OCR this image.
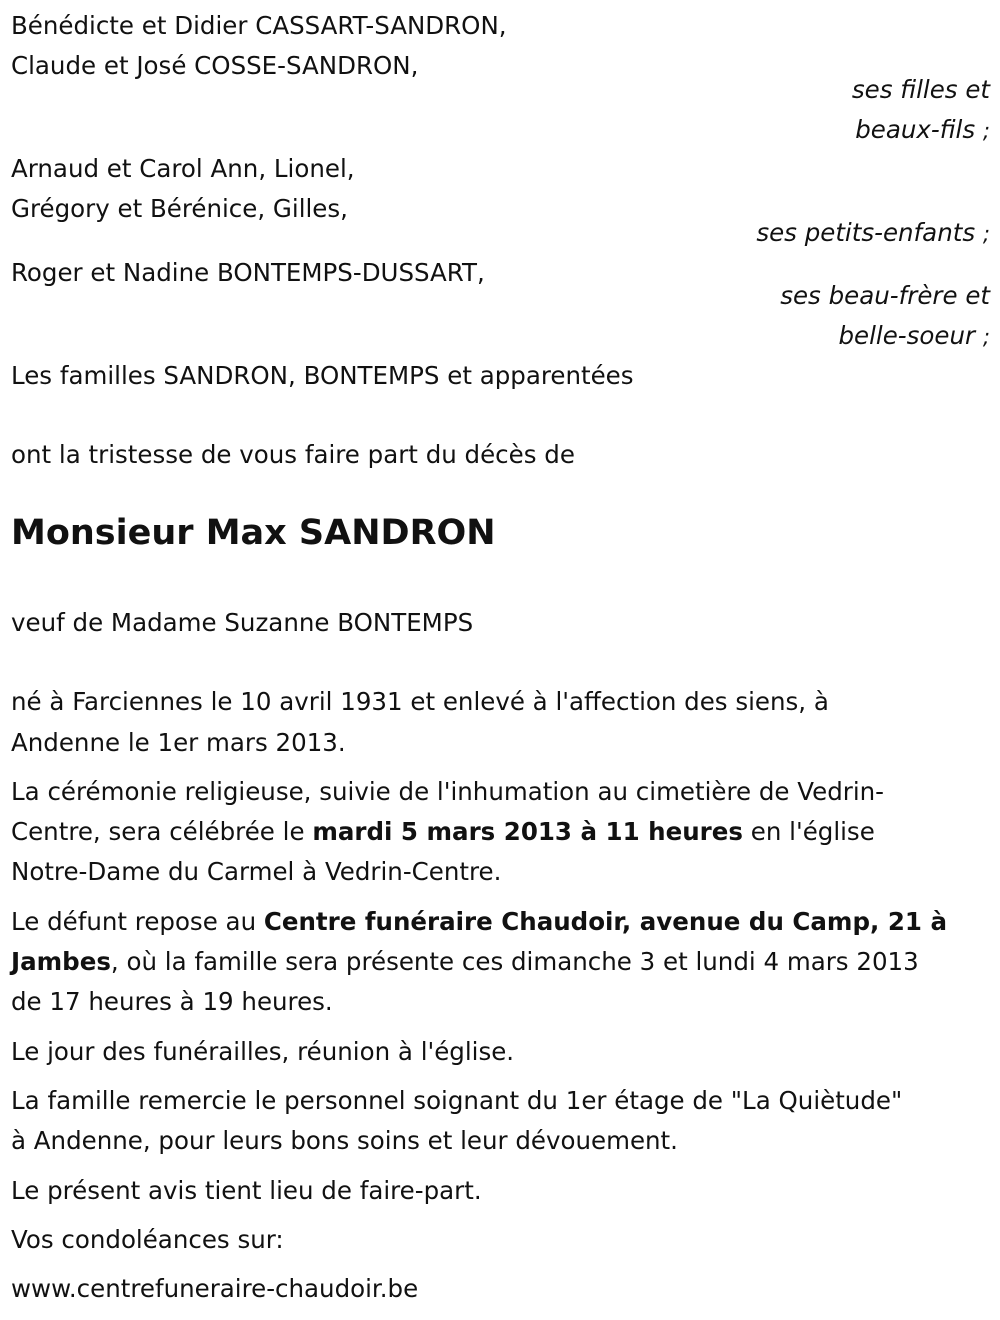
Bénédicte et Didier CASSART-SANDRON,
Claude et José COSSE-SANDRON,
ses filles et
beaux-fils ;
Arnaud et Carol Ann, Lionel,
Grégory et Bérénice, Gilles,
ses petits-enfants ;
Roger et Nadine BONTEMPS-DUSSART,
ses beau-frère et
belle-soeur ;
Les familles SANDRON, BONTEMPS et apparentées
ont la tristesse de vous faire part du décès de
Monsieur Max SANDRON
veuf de Madame Suzanne BONTEMPS
né à Farciennes le 10 avril 1931 et enlevé à l'affection des siens, à
Andenne le 1er mars 2013.
La cérémonie religieuse, suivie de l'inhumation au cimetière de Vedrin-
Centre, sera célébrée le mardi 5 mars 2013 à 11 heures en l'église
Notre-Dame du Carmel à Vedrin-Centre.
Le défunt repose au Centre funéraire Chaudoir, avenue du Camp, 21 à
Jambes, où la famille sera présente ces dimanche 3 et lundi 4 mars 2013
de 17 heures à 19 heures.
Le jour des funérailles, réunion à l'église.
La famille remercie le personnel soignant du 1er étage de "La Quiètude"
à Andenne, pour leurs bons soins et leur dévouement.
Le présent avis tient lieu de faire-part.
Vos condoléances sur:
www.centrefuneraire-chaudoir.be
